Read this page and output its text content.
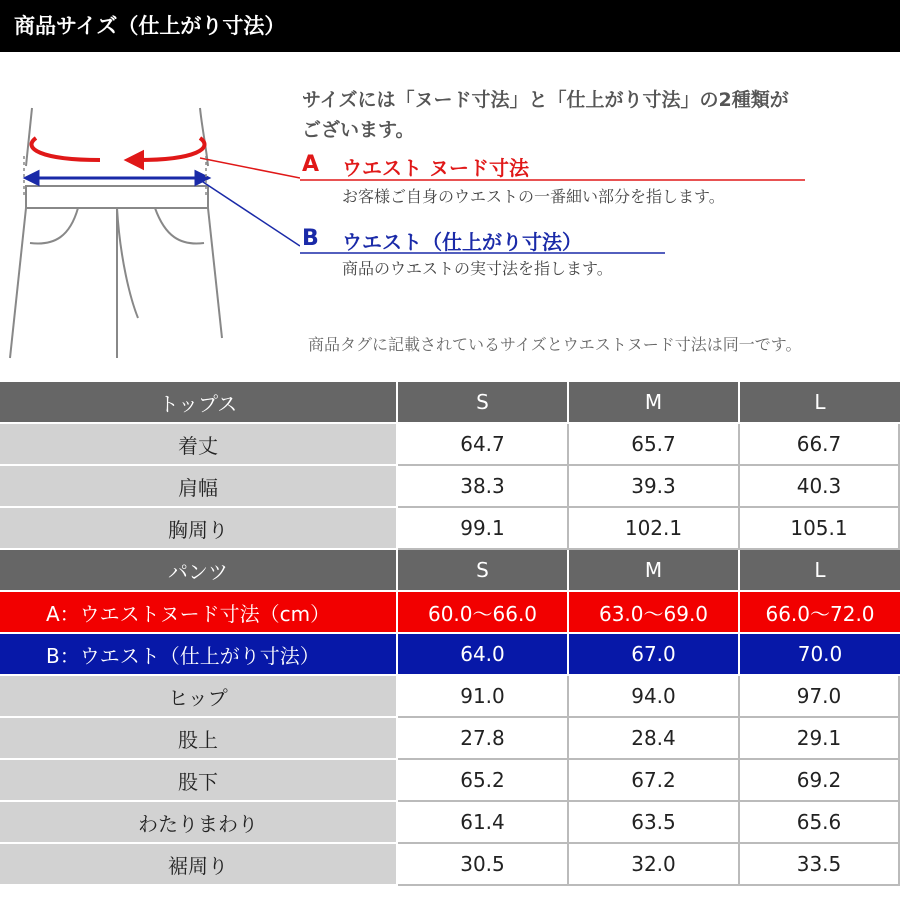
商品サイズ（仕上がり寸法）
サイズには「ヌード寸法」と「仕上がり寸法」の2種類が
ございます。
A ウエスト ヌード寸法
お客様ご自身のウエストの一番細い部分を指します。
B ウエスト（仕上がり寸法）
商品のウエストの実寸法を指します。
商品タグに記載されているサイズとウエストヌード寸法は同一です。
トップス	S	M	L
着丈	64.7	65.7	66.7
肩幅	38.3	39.3	40.3
胸周り	99.1	102.1	105.1
パンツ	S	M	L
A：ウエストヌード寸法（cm）	60.0〜66.0	63.0〜69.0	66.0〜72.0
B：ウエスト（仕上がり寸法）	64.0	67.0	70.0
ヒップ	91.0	94.0	97.0
股上	27.8	28.4	29.1
股下	65.2	67.2	69.2
わたりまわり	61.4	63.5	65.6
裾周り	30.5	32.0	33.5
